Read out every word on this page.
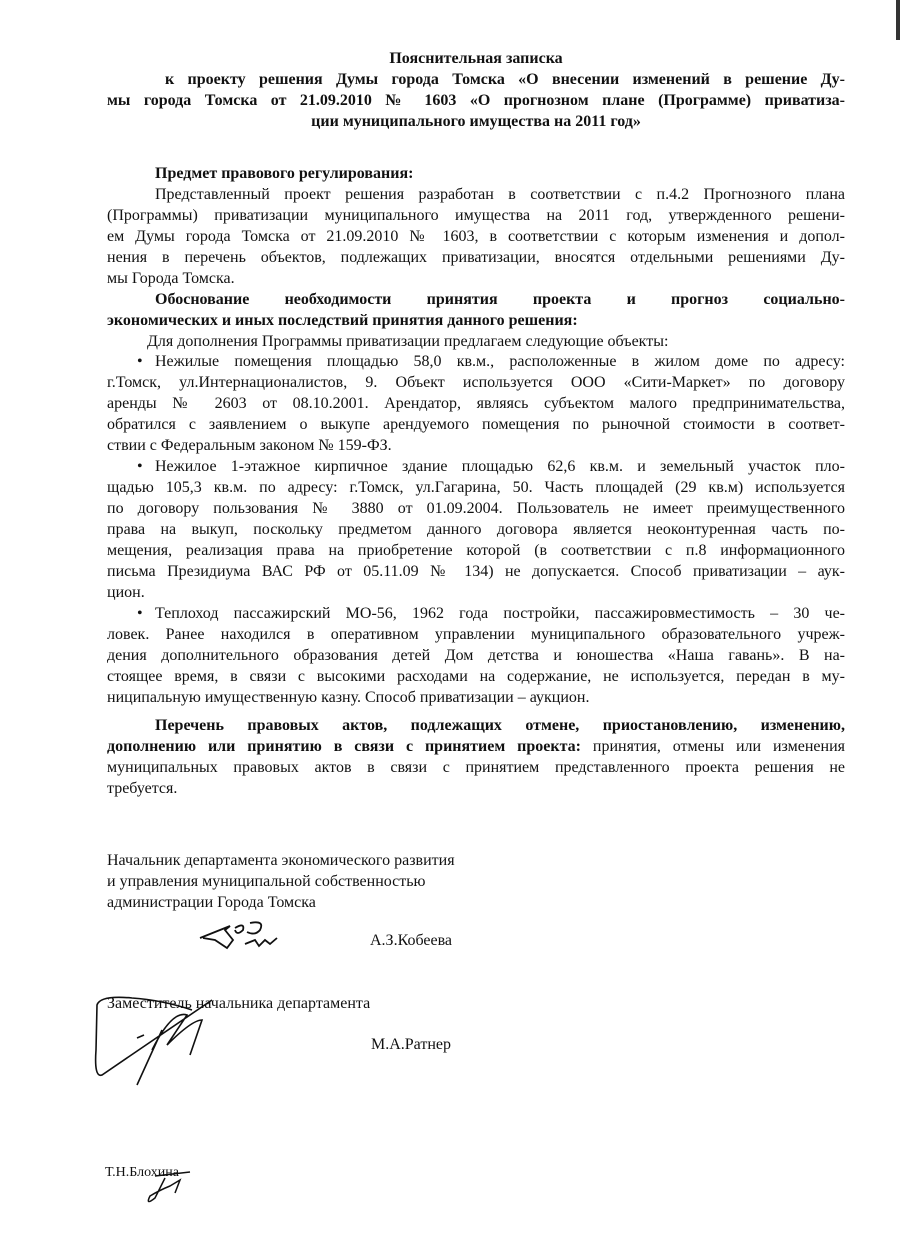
Пояснительная записка
к проекту решения Думы города Томска «О внесении изменений в решение Ду-
мы города Томска от 21.09.2010 № 1603 «О прогнозном плане (Программе) приватиза-
ции муниципального имущества на 2011 год»
Предмет правового регулирования:
Представленный проект решения разработан в соответствии с п.4.2 Прогнозного плана
(Программы) приватизации муниципального имущества на 2011 год, утвержденного решени-
ем Думы города Томска от 21.09.2010 № 1603, в соответствии с которым изменения и допол-
нения в перечень объектов, подлежащих приватизации, вносятся отдельными решениями Ду-
мы Города Томска.
Обоснование необходимости принятия проекта и прогноз социально-
экономических и иных последствий принятия данного решения:
Для дополнения Программы приватизации предлагаем следующие объекты:
• Нежилые помещения площадью 58,0 кв.м., расположенные в жилом доме по адресу:
г.Томск, ул.Интернационалистов, 9. Объект используется ООО «Сити-Маркет» по договору
аренды № 2603 от 08.10.2001. Арендатор, являясь субъектом малого предпринимательства,
обратился с заявлением о выкупе арендуемого помещения по рыночной стоимости в соответ-
ствии с Федеральным законом № 159-ФЗ.
• Нежилое 1-этажное кирпичное здание площадью 62,6 кв.м. и земельный участок пло-
щадью 105,3 кв.м. по адресу: г.Томск, ул.Гагарина, 50. Часть площадей (29 кв.м) используется
по договору пользования № 3880 от 01.09.2004. Пользователь не имеет преимущественного
права на выкуп, поскольку предметом данного договора является неоконтуренная часть по-
мещения, реализация права на приобретение которой (в соответствии с п.8 информационного
письма Президиума ВАС РФ от 05.11.09 № 134) не допускается. Способ приватизации – аук-
цион.
• Теплоход пассажирский МО-56, 1962 года постройки, пассажировместимость – 30 че-
ловек. Ранее находился в оперативном управлении муниципального образовательного учреж-
дения дополнительного образования детей Дом детства и юношества «Наша гавань». В на-
стоящее время, в связи с высокими расходами на содержание, не используется, передан в му-
ниципальную имущественную казну. Способ приватизации – аукцион.
Перечень правовых актов, подлежащих отмене, приостановлению, изменению,
дополнению или принятию в связи с принятием проекта: принятия, отмены или изменения
муниципальных правовых актов в связи с принятием представленного проекта решения не
требуется.
Начальник департамента экономического развития
и управления муниципальной собственностью
администрации Города Томска
А.З.Кобеева
Заместитель начальника департамента
М.А.Ратнер
Т.Н.Блохина
